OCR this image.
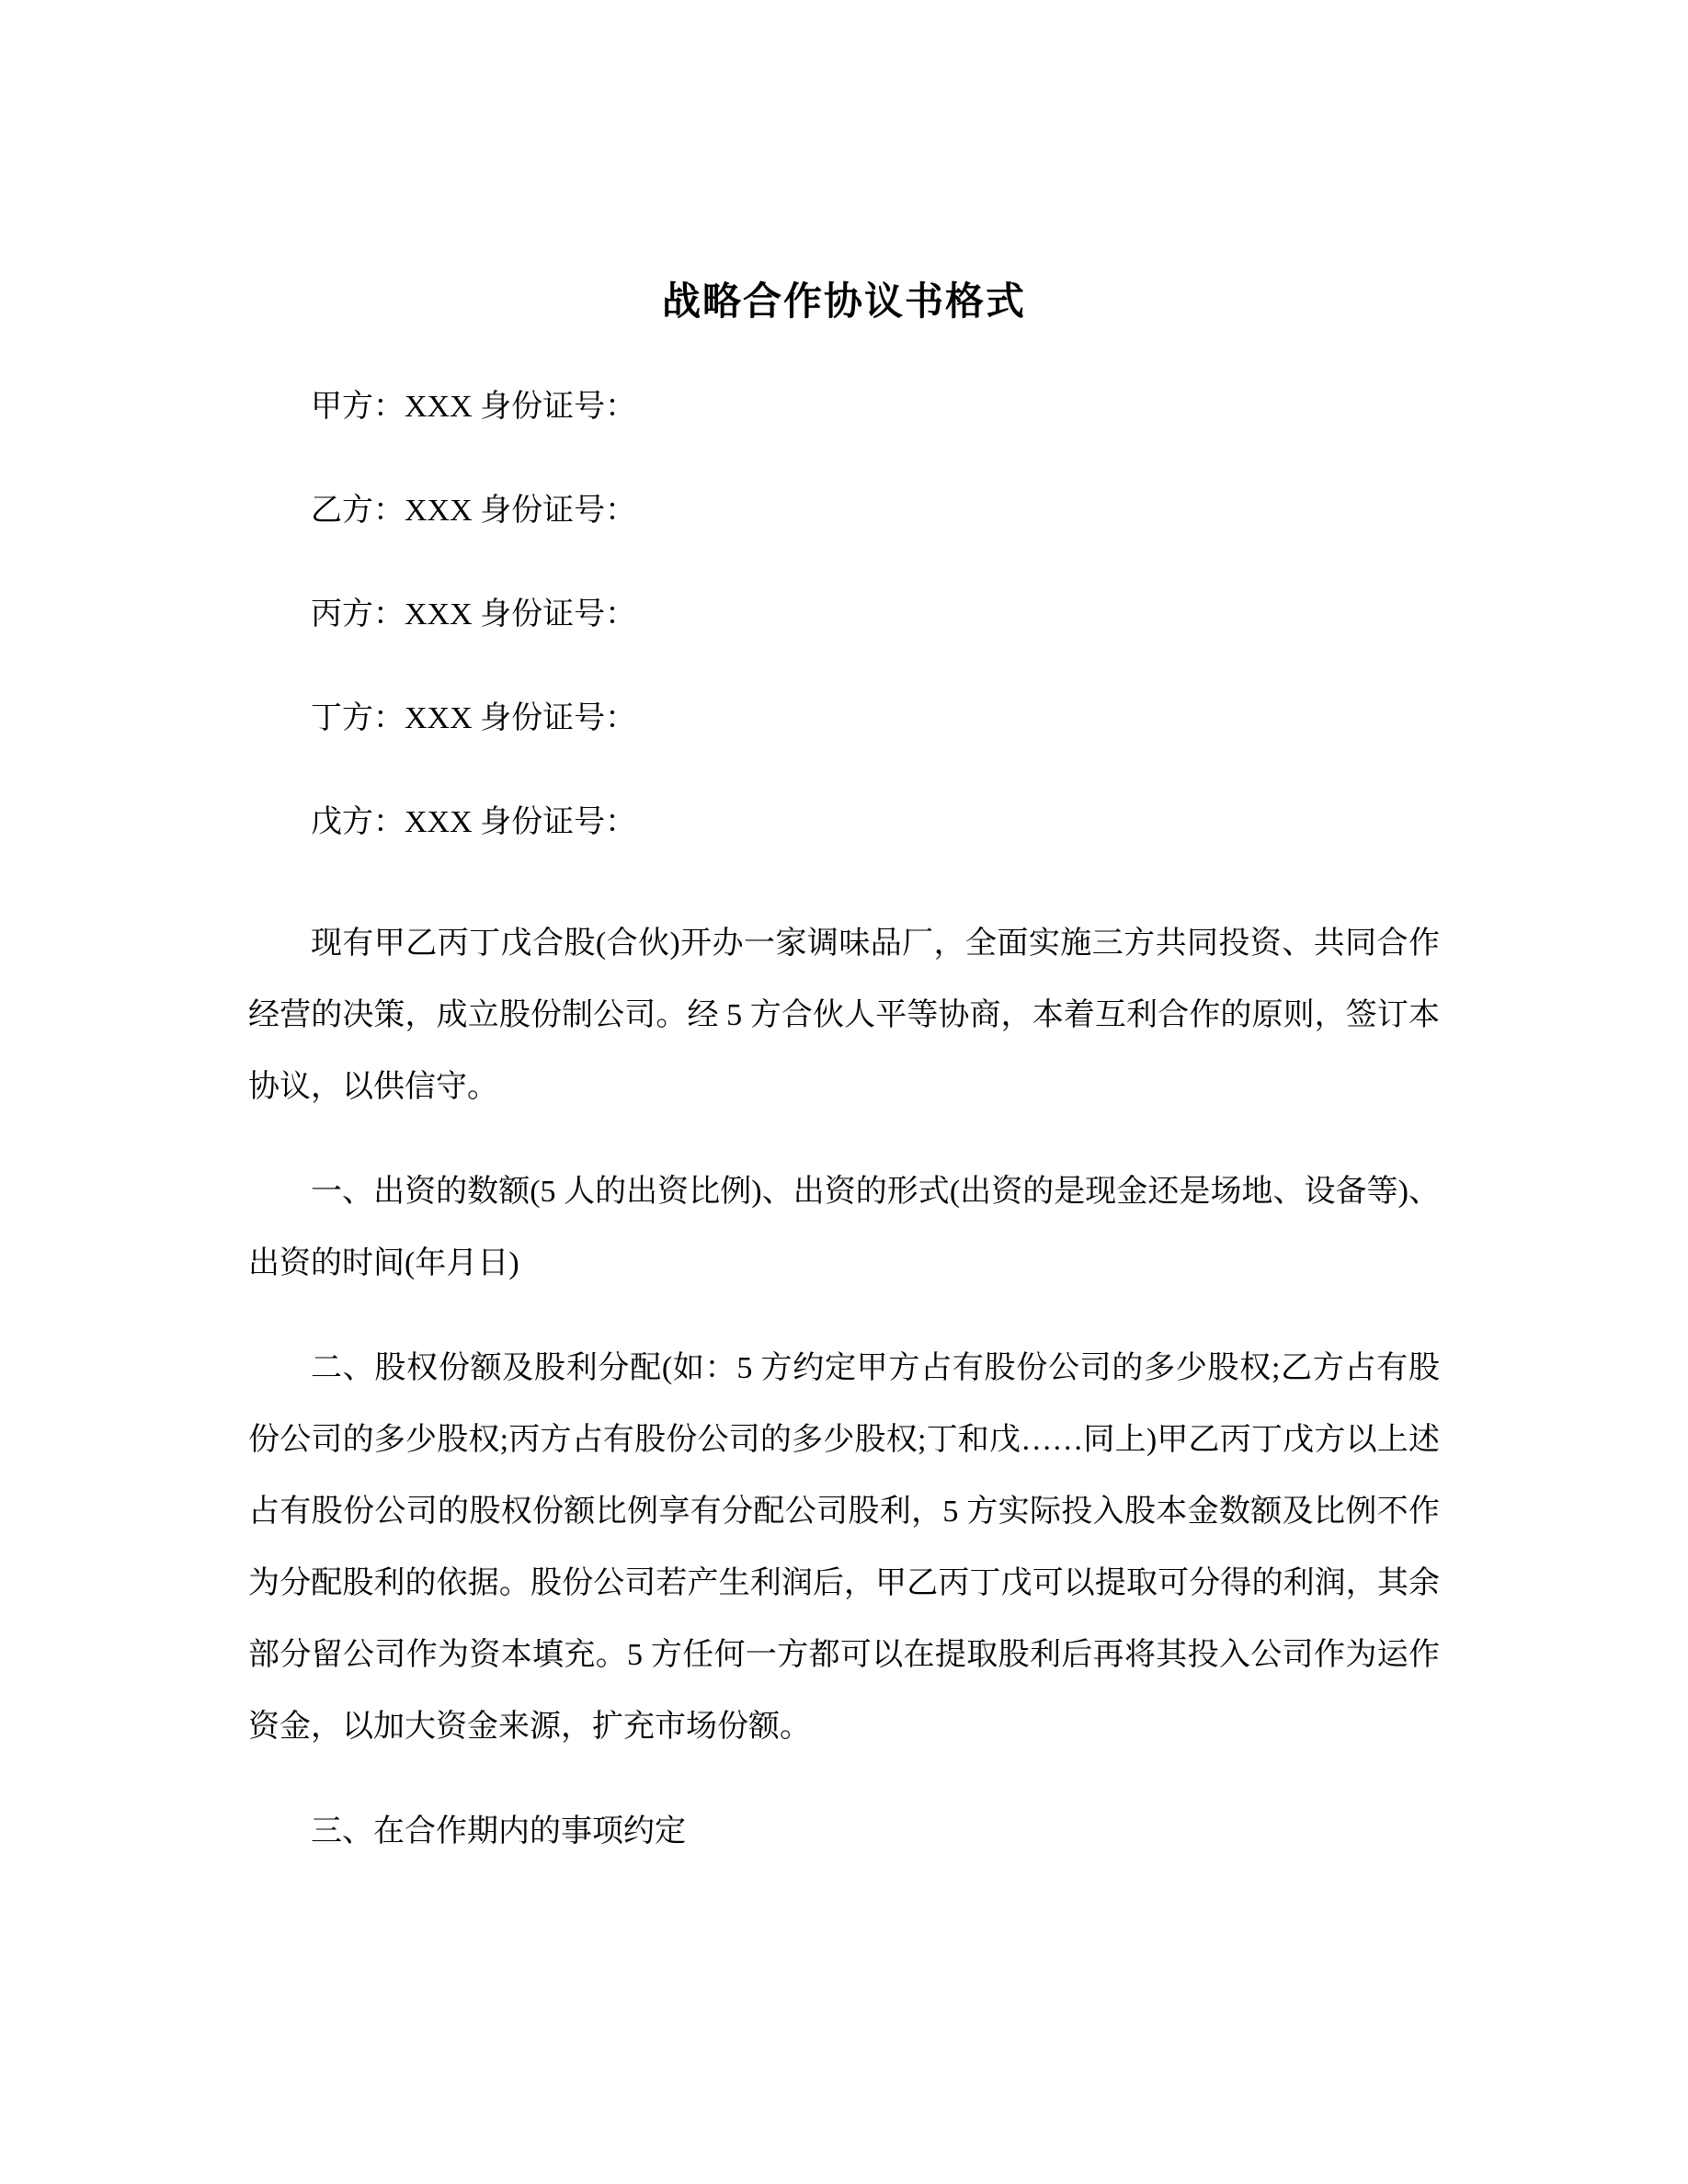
战略合作协议书格式

甲方：XXX 身份证号：

乙方：XXX 身份证号：

丙方：XXX 身份证号：

丁方：XXX 身份证号：

戊方：XXX 身份证号：

现有甲乙丙丁戊合股(合伙)开办一家调味品厂，全面实施三方共同投资、共同合作经营的决策，成立股份制公司。经 5 方合伙人平等协商，本着互利合作的原则，签订本协议，以供信守。

一、出资的数额(5 人的出资比例)、出资的形式(出资的是现金还是场地、设备等)、出资的时间(年月日)

二、股权份额及股利分配(如：5 方约定甲方占有股份公司的多少股权;乙方占有股份公司的多少股权;丙方占有股份公司的多少股权;丁和戊……同上)甲乙丙丁戊方以上述占有股份公司的股权份额比例享有分配公司股利，5 方实际投入股本金数额及比例不作为分配股利的依据。股份公司若产生利润后，甲乙丙丁戊可以提取可分得的利润，其余部分留公司作为资本填充。5 方任何一方都可以在提取股利后再将其投入公司作为运作资金，以加大资金来源，扩充市场份额。

三、在合作期内的事项约定
